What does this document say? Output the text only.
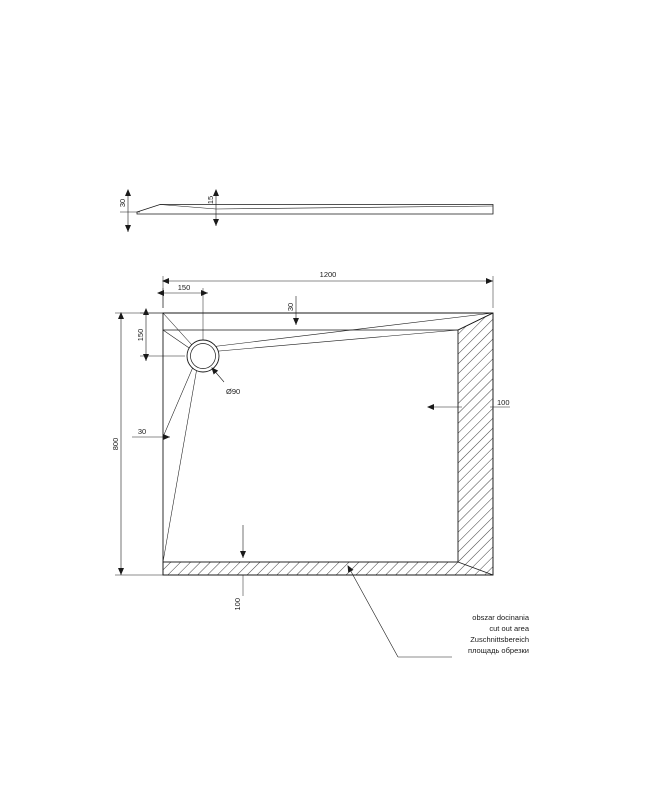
30	15
Ø90
1200
150
30
150
800
30
100
100
obszar docinania
cut out area
Zuschnittsbereich
площадь обрезки
